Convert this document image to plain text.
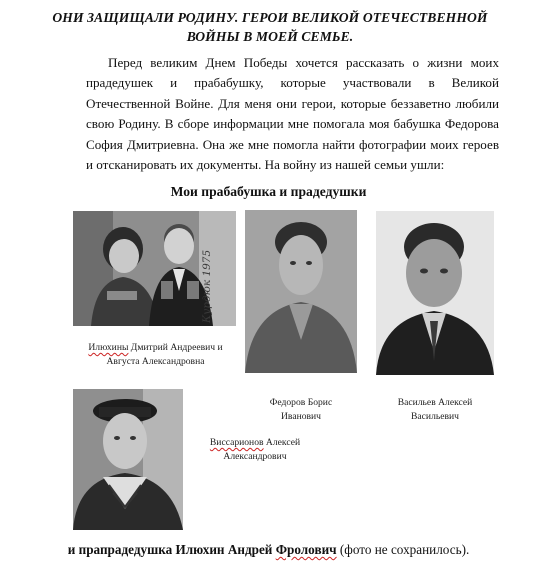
ОНИ ЗАЩИЩАЛИ РОДИНУ. ГЕРОИ ВЕЛИКОЙ ОТЕЧЕСТВЕННОЙ
ВОЙНЫ В МОЕЙ СЕМЬЕ.
Перед великим Днем Победы хочется рассказать о жизни моих прадедушек и прабабушку, которые участвовали в Великой Отечественной Войне. Для меня они герои, которые беззаветно любили свою Родину. В сборе информации мне помогала моя бабушка Федорова София Дмитриевна. Она же мне помогла найти фотографии моих героев и отсканировать их документы. На войну из нашей семьи ушли:
Мои прабабушка и прадедушки
Курдюк 1975
Илюхины Дмитрий Андреевич и
Августа Александровна
Федоров Борис
Иванович
Васильев Алексей
Васильевич
Виссарионов Алексей
Александрович
и прапрадедушка Илюхин Андрей Фролович (фото не сохранилось).
